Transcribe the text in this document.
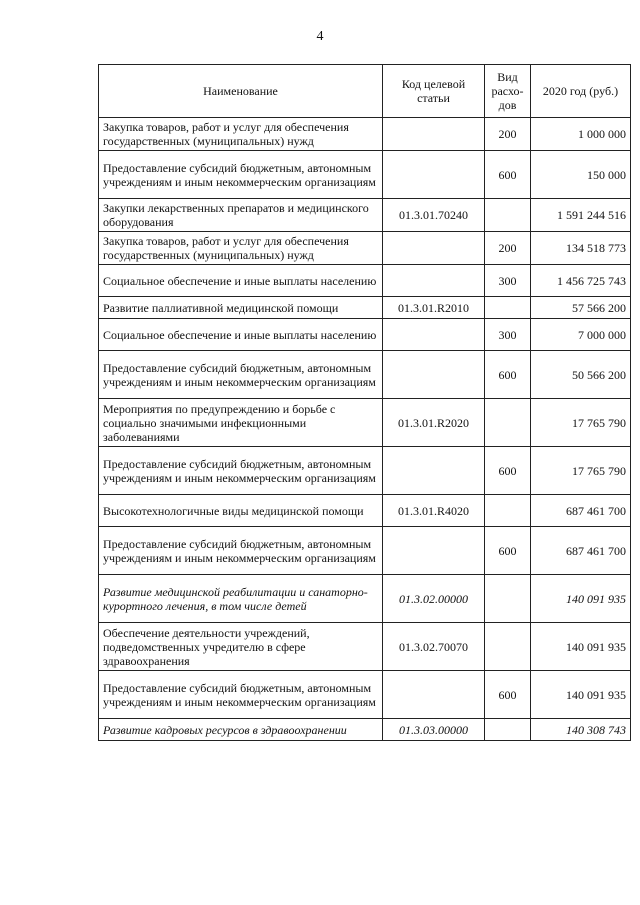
4
Наименование	Код целевой статьи	Вид расхо-дов	2020 год (руб.)
Закупка товаров, работ и услуг для обеспечения государственных (муниципальных) нужд		200	1 000 000
Предоставление субсидий бюджетным, автономным учреждениям и иным некоммерческим организациям		600	150 000
Закупки лекарственных препаратов и медицинского оборудования	01.3.01.70240		1 591 244 516
Закупка товаров, работ и услуг для обеспечения государственных (муниципальных) нужд		200	134 518 773
Социальное обеспечение и иные выплаты населению		300	1 456 725 743
Развитие паллиативной медицинской помощи	01.3.01.R2010		57 566 200
Социальное обеспечение и иные выплаты населению		300	7 000 000
Предоставление субсидий бюджетным, автономным учреждениям и иным некоммерческим организациям		600	50 566 200
Мероприятия по предупреждению и борьбе с социально значимыми инфекционными заболеваниями	01.3.01.R2020		17 765 790
Предоставление субсидий бюджетным, автономным учреждениям и иным некоммерческим организациям		600	17 765 790
Высокотехнологичные виды медицинской помощи	01.3.01.R4020		687 461 700
Предоставление субсидий бюджетным, автономным учреждениям и иным некоммерческим организациям		600	687 461 700
Развитие медицинской реабилитации и санаторно-курортного лечения, в том числе детей	01.3.02.00000		140 091 935
Обеспечение деятельности учреждений, подведомственных учредителю в сфере здравоохранения	01.3.02.70070		140 091 935
Предоставление субсидий бюджетным, автономным учреждениям и иным некоммерческим организациям		600	140 091 935
Развитие кадровых ресурсов в здравоохранении	01.3.03.00000		140 308 743
